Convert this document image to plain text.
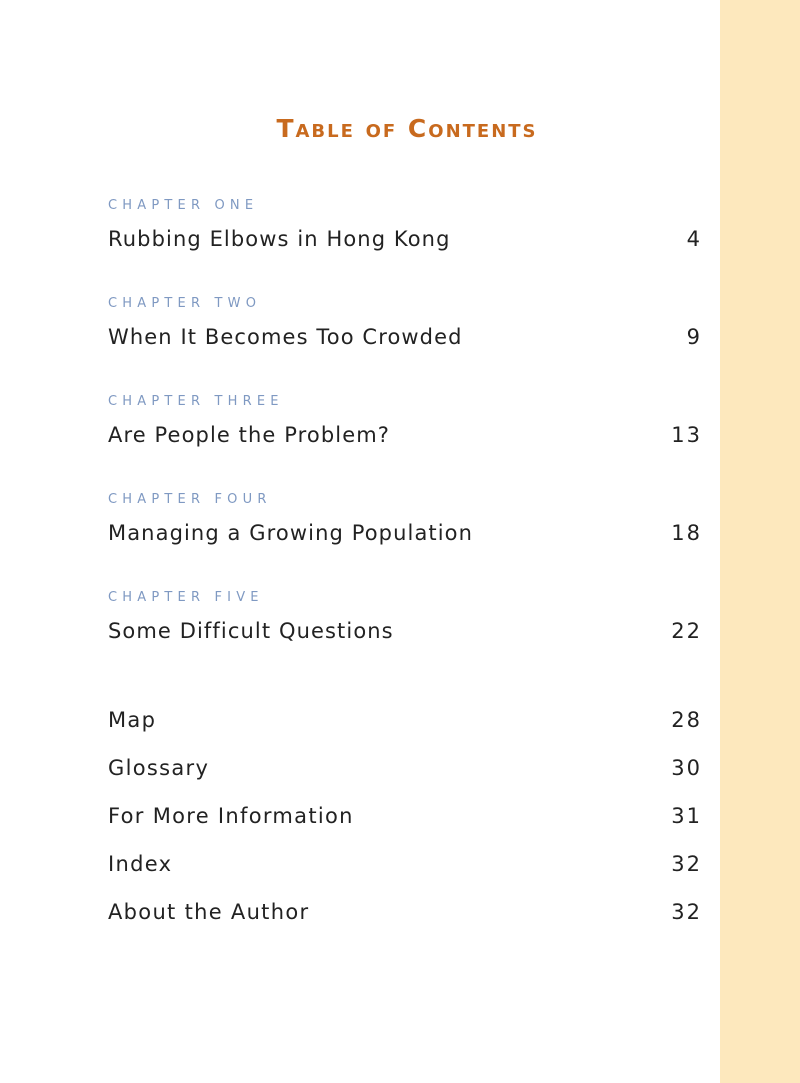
Table of Contents
CHAPTER ONE
Rubbing Elbows in Hong Kong	4
CHAPTER TWO
When It Becomes Too Crowded	9
CHAPTER THREE
Are People the Problem?	13
CHAPTER FOUR
Managing a Growing Population	18
CHAPTER FIVE
Some Difficult Questions	22
Map	28
Glossary	30
For More Information	31
Index	32
About the Author	32
